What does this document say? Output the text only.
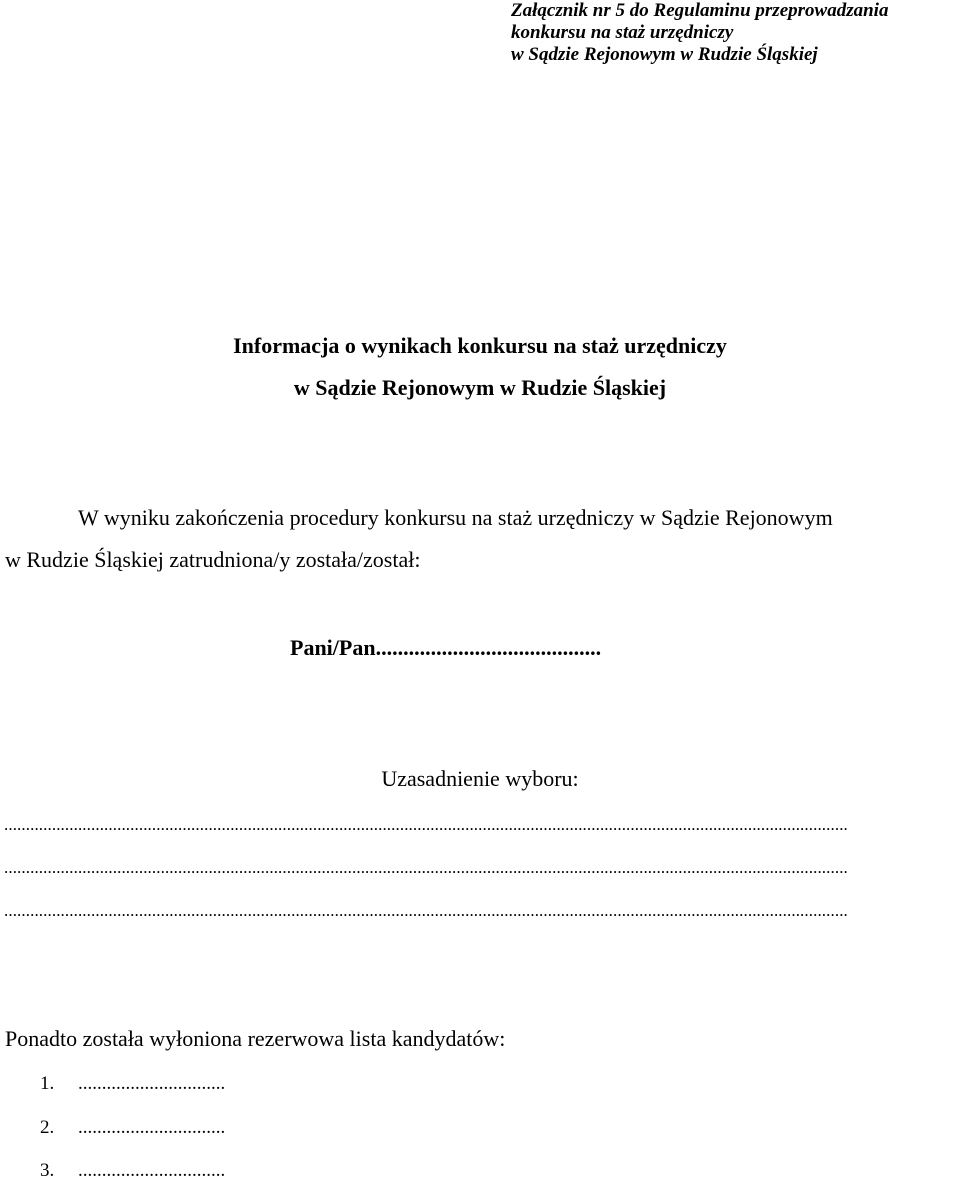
Załącznik nr 5 do Regulaminu przeprowadzania
konkursu na staż urzędniczy
w Sądzie Rejonowym w Rudzie Śląskiej
Informacja o wynikach konkursu na staż urzędniczy
w Sądzie Rejonowym w Rudzie Śląskiej
W wyniku zakończenia procedury konkursu na staż urzędniczy w Sądzie Rejonowym
w Rudzie Śląskiej zatrudniona/y została/został:
Pani/Pan.........................................
Uzasadnienie wyboru:
..................................................................................................................................................................................................
..................................................................................................................................................................................................
..................................................................................................................................................................................................
Ponadto została wyłoniona rezerwowa lista kandydatów:
1. ...............................
2. ...............................
3. ...............................
